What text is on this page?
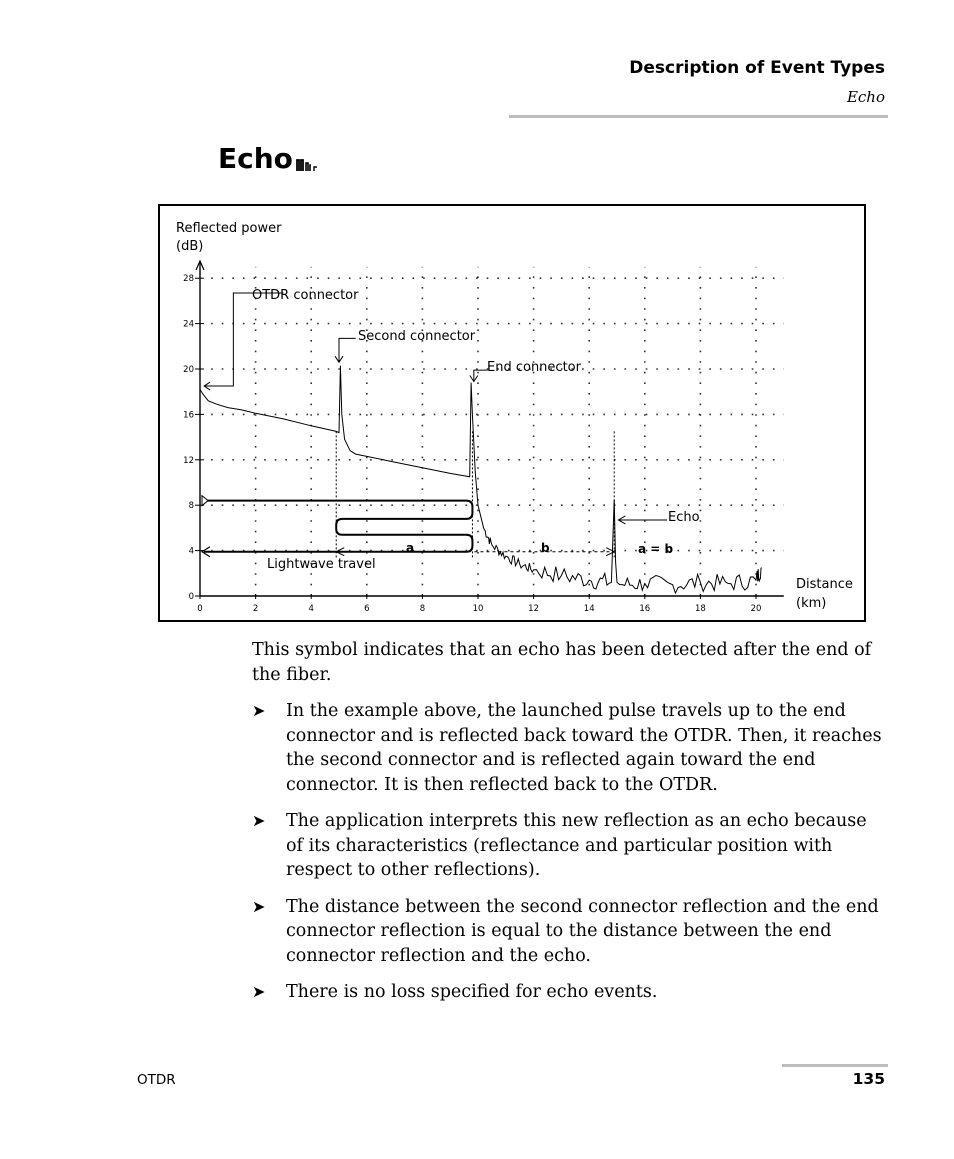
Description of Event Types
Echo
Echo
0
4
8
12
16
20
24
28
0	2	4	6	8	10	12	14	16	18	20
Reflected power
(dB)
Distance
(km)
OTDR connector
Second connector
End connector
Echo
Lightwave travel
a	b	a = b

This symbol indicates that an echo has been detected after the end of the fiber.

➤ In the example above, the launched pulse travels up to the end connector and is reflected back toward the OTDR. Then, it reaches the second connector and is reflected again toward the end connector. It is then reflected back to the OTDR.
➤ The application interprets this new reflection as an echo because of its characteristics (reflectance and particular position with respect to other reflections).
➤ The distance between the second connector reflection and the end connector reflection is equal to the distance between the end connector reflection and the echo.
➤ There is no loss specified for echo events.
OTDR	135
